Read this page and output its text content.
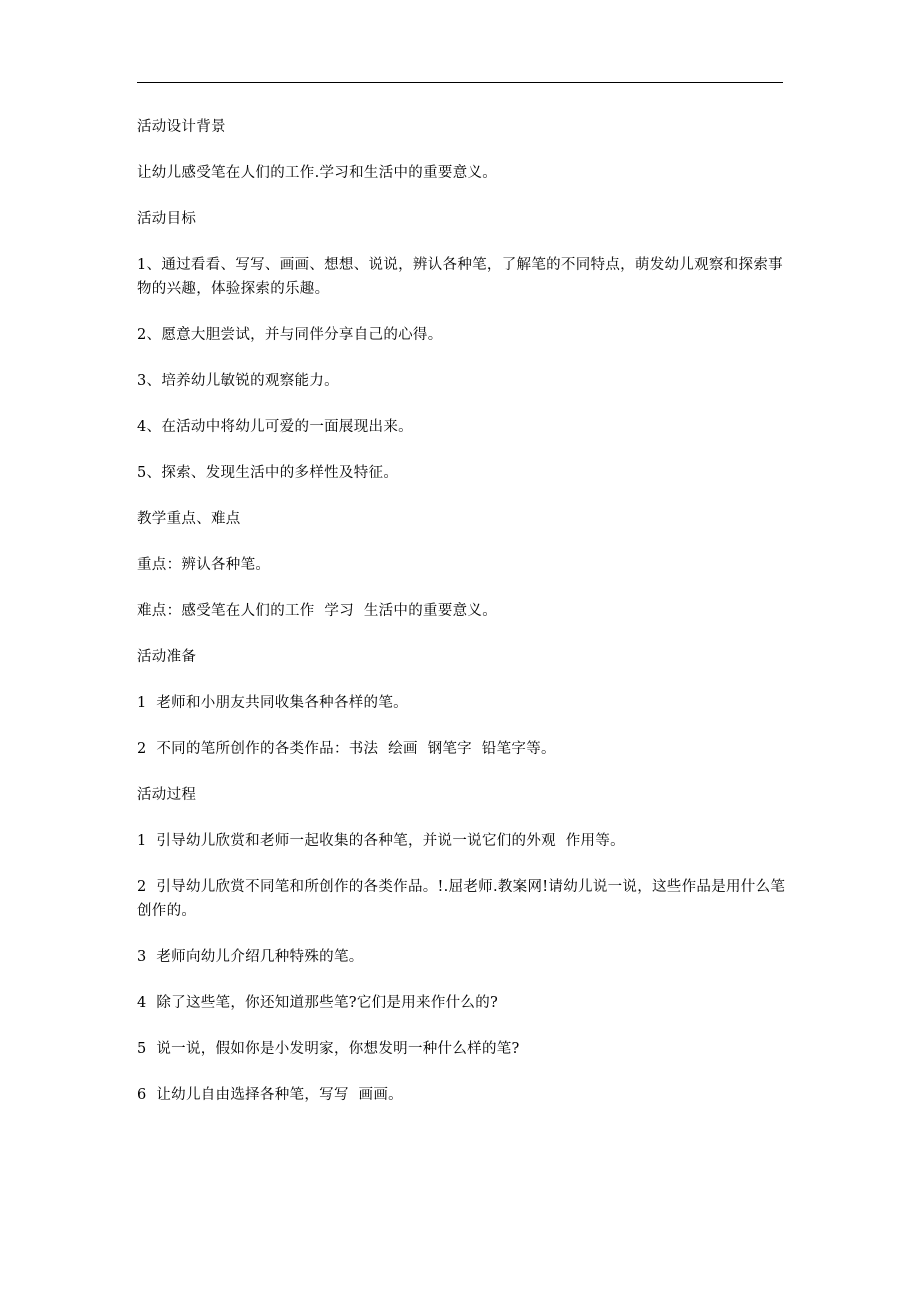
活动设计背景

让幼儿感受笔在人们的工作.学习和生活中的重要意义。

活动目标

1、通过看看、写写、画画、想想、说说，辨认各种笔，了解笔的不同特点，萌发幼儿观察和探索事物的兴趣，体验探索的乐趣。

2、愿意大胆尝试，并与同伴分享自己的心得。

3、培养幼儿敏锐的观察能力。

4、在活动中将幼儿可爱的一面展现出来。

5、探索、发现生活中的多样性及特征。

教学重点、难点

重点：辨认各种笔。

难点：感受笔在人们的工作  学习  生活中的重要意义。

活动准备

1  老师和小朋友共同收集各种各样的笔。

2  不同的笔所创作的各类作品：书法  绘画  钢笔字  铅笔字等。

活动过程

1  引导幼儿欣赏和老师一起收集的各种笔，并说一说它们的外观  作用等。

2  引导幼儿欣赏不同笔和所创作的各类作品。!.屈老师.教案网!请幼儿说一说，这些作品是用什么笔创作的。

3  老师向幼儿介绍几种特殊的笔。

4  除了这些笔，你还知道那些笔?它们是用来作什么的?

5  说一说，假如你是小发明家，你想发明一种什么样的笔?

6  让幼儿自由选择各种笔，写写  画画。
